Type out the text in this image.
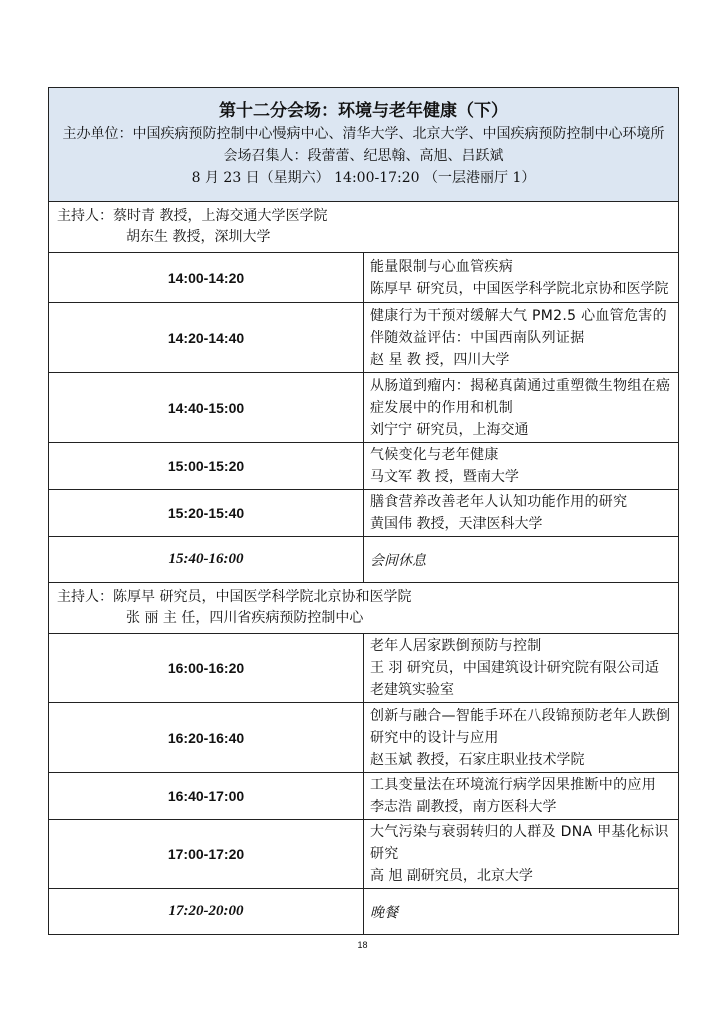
第十二分会场：环境与老年健康（下）
主办单位：中国疾病预防控制中心慢病中心、清华大学、北京大学、中国疾病预防控制中心环境所
会场召集人：段蕾蕾、纪思翰、高旭、吕跃斌
8 月 23 日（星期六） 14:00-17:20 （一层港丽厅 1）	

主持人：蔡时青 教授，上海交通大学医学院
胡东生 教授，深圳大学	

14:00-14:20	能量限制与心血管疾病
陈厚早 研究员，中国医学科学院北京协和医学院

14:20-14:40	健康行为干预对缓解大气 PM2.5 心血管危害的伴随效益评估：中国西南队列证据
赵 星 教 授，四川大学

14:40-15:00	从肠道到瘤内：揭秘真菌通过重塑微生物组在癌症发展中的作用和机制
刘宁宁 研究员，上海交通

15:00-15:20	气候变化与老年健康
马文军 教 授，暨南大学

15:20-15:40	膳食营养改善老年人认知功能作用的研究
黄国伟 教授，天津医科大学

15:40-16:00	会间休息

主持人：陈厚早 研究员，中国医学科学院北京协和医学院
张 丽 主 任，四川省疾病预防控制中心	

16:00-16:20	老年人居家跌倒预防与控制
王 羽 研究员，中国建筑设计研究院有限公司适老建筑实验室

16:20-16:40	创新与融合—智能手环在八段锦预防老年人跌倒研究中的设计与应用
赵玉斌 教授，石家庄职业技术学院

16:40-17:00	工具变量法在环境流行病学因果推断中的应用
李志浩 副教授，南方医科大学

17:00-17:20	大气污染与衰弱转归的人群及 DNA 甲基化标识研究
高 旭 副研究员，北京大学

17:20-20:00	晚餐
18
